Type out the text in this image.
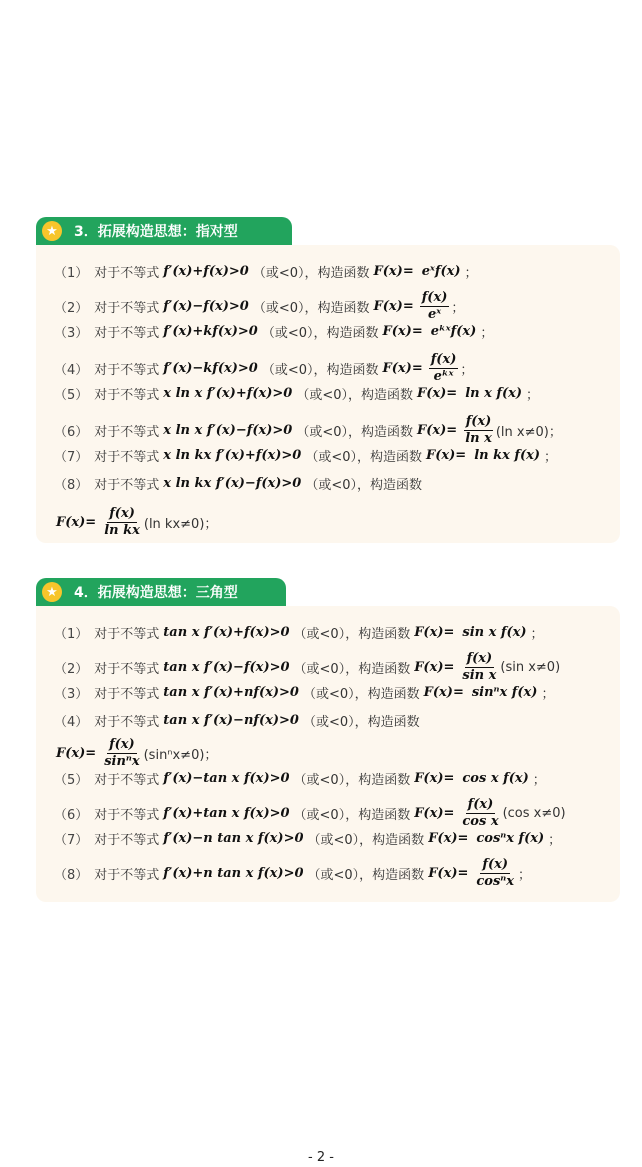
★ 3．拓展构造思想：指对型
（1） 对于不等式 f′(x)+f(x)>0 （或<0），构造函数 F(x)= eˣf(x) ；
（2） 对于不等式 f′(x)−f(x)>0 （或<0），构造函数 $F(x)= \frac{f(x)}{\text{eˣ}}$ ；
（3） 对于不等式 f′(x)+kf(x)>0 （或<0），构造函数 F(x)= eᵏˣf(x) ；
（4） 对于不等式 f′(x)−kf(x)>0 （或<0），构造函数 $F(x)= \frac{f(x)}{\text{eᵏˣ}}$ ；
（5） 对于不等式 x ln x f′(x)+f(x)>0 （或<0），构造函数 F(x)= ln x f(x) ；
（6） 对于不等式 x ln x f′(x)−f(x)>0 （或<0），构造函数 $F(x)= \frac{f(x)}{\text{ln x}} (\ln$ x≠0)；
（7） 对于不等式 x ln kx f′(x)+f(x)>0 （或<0），构造函数 F(x)= ln kx f(x) ；
（8） 对于不等式 x ln kx f′(x)−f(x)>0 （或<0），构造函数
$F(x)= \frac{f(x)}{\text{ln kx}} (\ln$ kx≠0)；
★ 4．拓展构造思想：三角型
（1） 对于不等式 tan x f′(x)+f(x)>0 （或<0），构造函数 F(x)= sin x f(x) ；
（2） 对于不等式 tan x f′(x)−f(x)>0 （或<0），构造函数 $F(x)= \frac{f(x)}{\text{sin x}} (\sin$ x≠0)
（3） 对于不等式 tan x f′(x)+nf(x)>0 （或<0），构造函数 F(x)= sinⁿx f(x) ；
（4） 对于不等式 tan x f′(x)−nf(x)>0 （或<0），构造函数
$F(x)= \frac{f(x)}{\text{sinⁿx}} (\sin^nx\ne 0)$；
（5） 对于不等式 f′(x)−tan x f(x)>0 （或<0），构造函数 F(x)= cos x f(x) ；
（6） 对于不等式 f′(x)+tan x f(x)>0 （或<0），构造函数 $F(x)= \frac{f(x)}{\text{cos x}} (\cos$ x≠0)
（7） 对于不等式 f′(x)−n tan x f(x)>0 （或<0），构造函数 F(x)= cosⁿx f(x) ；
（8） 对于不等式 f′(x)+n tan x f(x)>0 （或<0），构造函数 $F(x)= \frac{f(x)}{\text{cosⁿx}}$ ；
- 2 -
